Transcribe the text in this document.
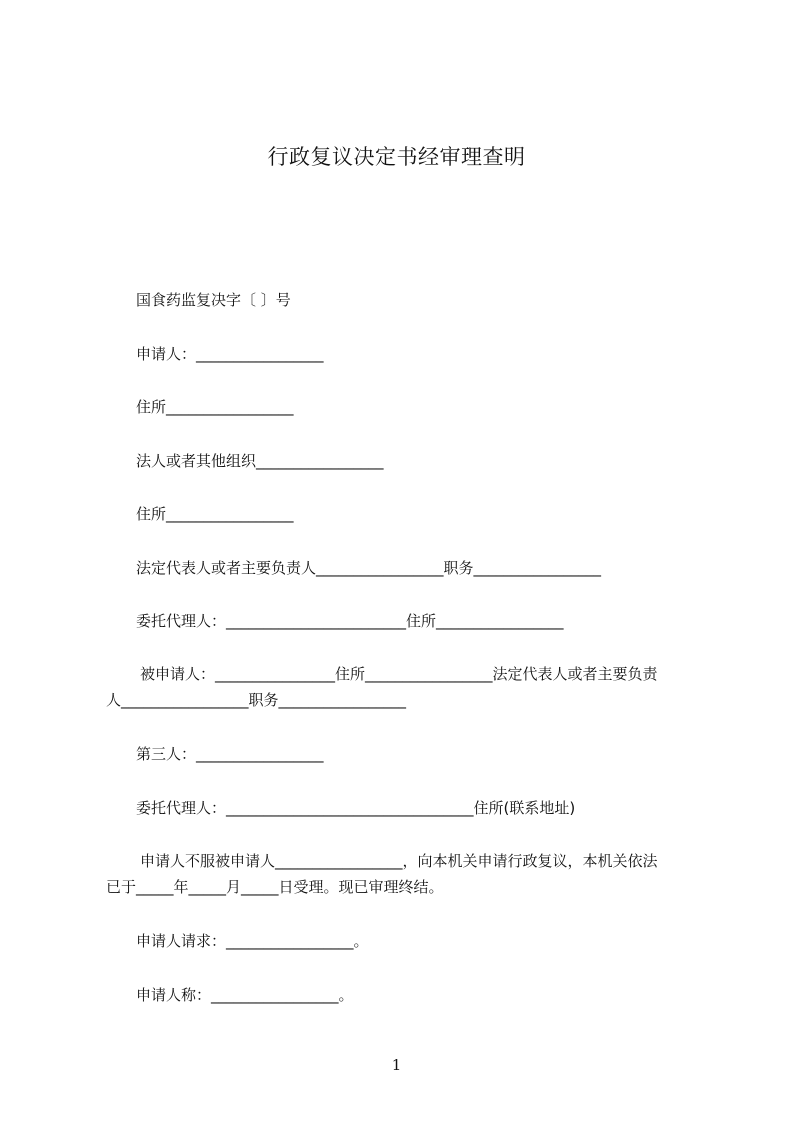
行政复议决定书经审理查明
国食药监复决字〔 〕号
申请人：_________________
住所_________________
法人或者其他组织_________________
住所_________________
法定代表人或者主要负责人_________________职务_________________
委托代理人：________________________住所_________________
被申请人：________________住所_________________法定代表人或者主要负责
人_________________职务_________________
第三人：_________________
委托代理人：_________________________________住所(联系地址)
申请人不服被申请人_________________，向本机关申请行政复议，本机关依法
已于_____年_____月_____日受理。现已审理终结。
申请人请求：_________________。
申请人称：_________________。
1
